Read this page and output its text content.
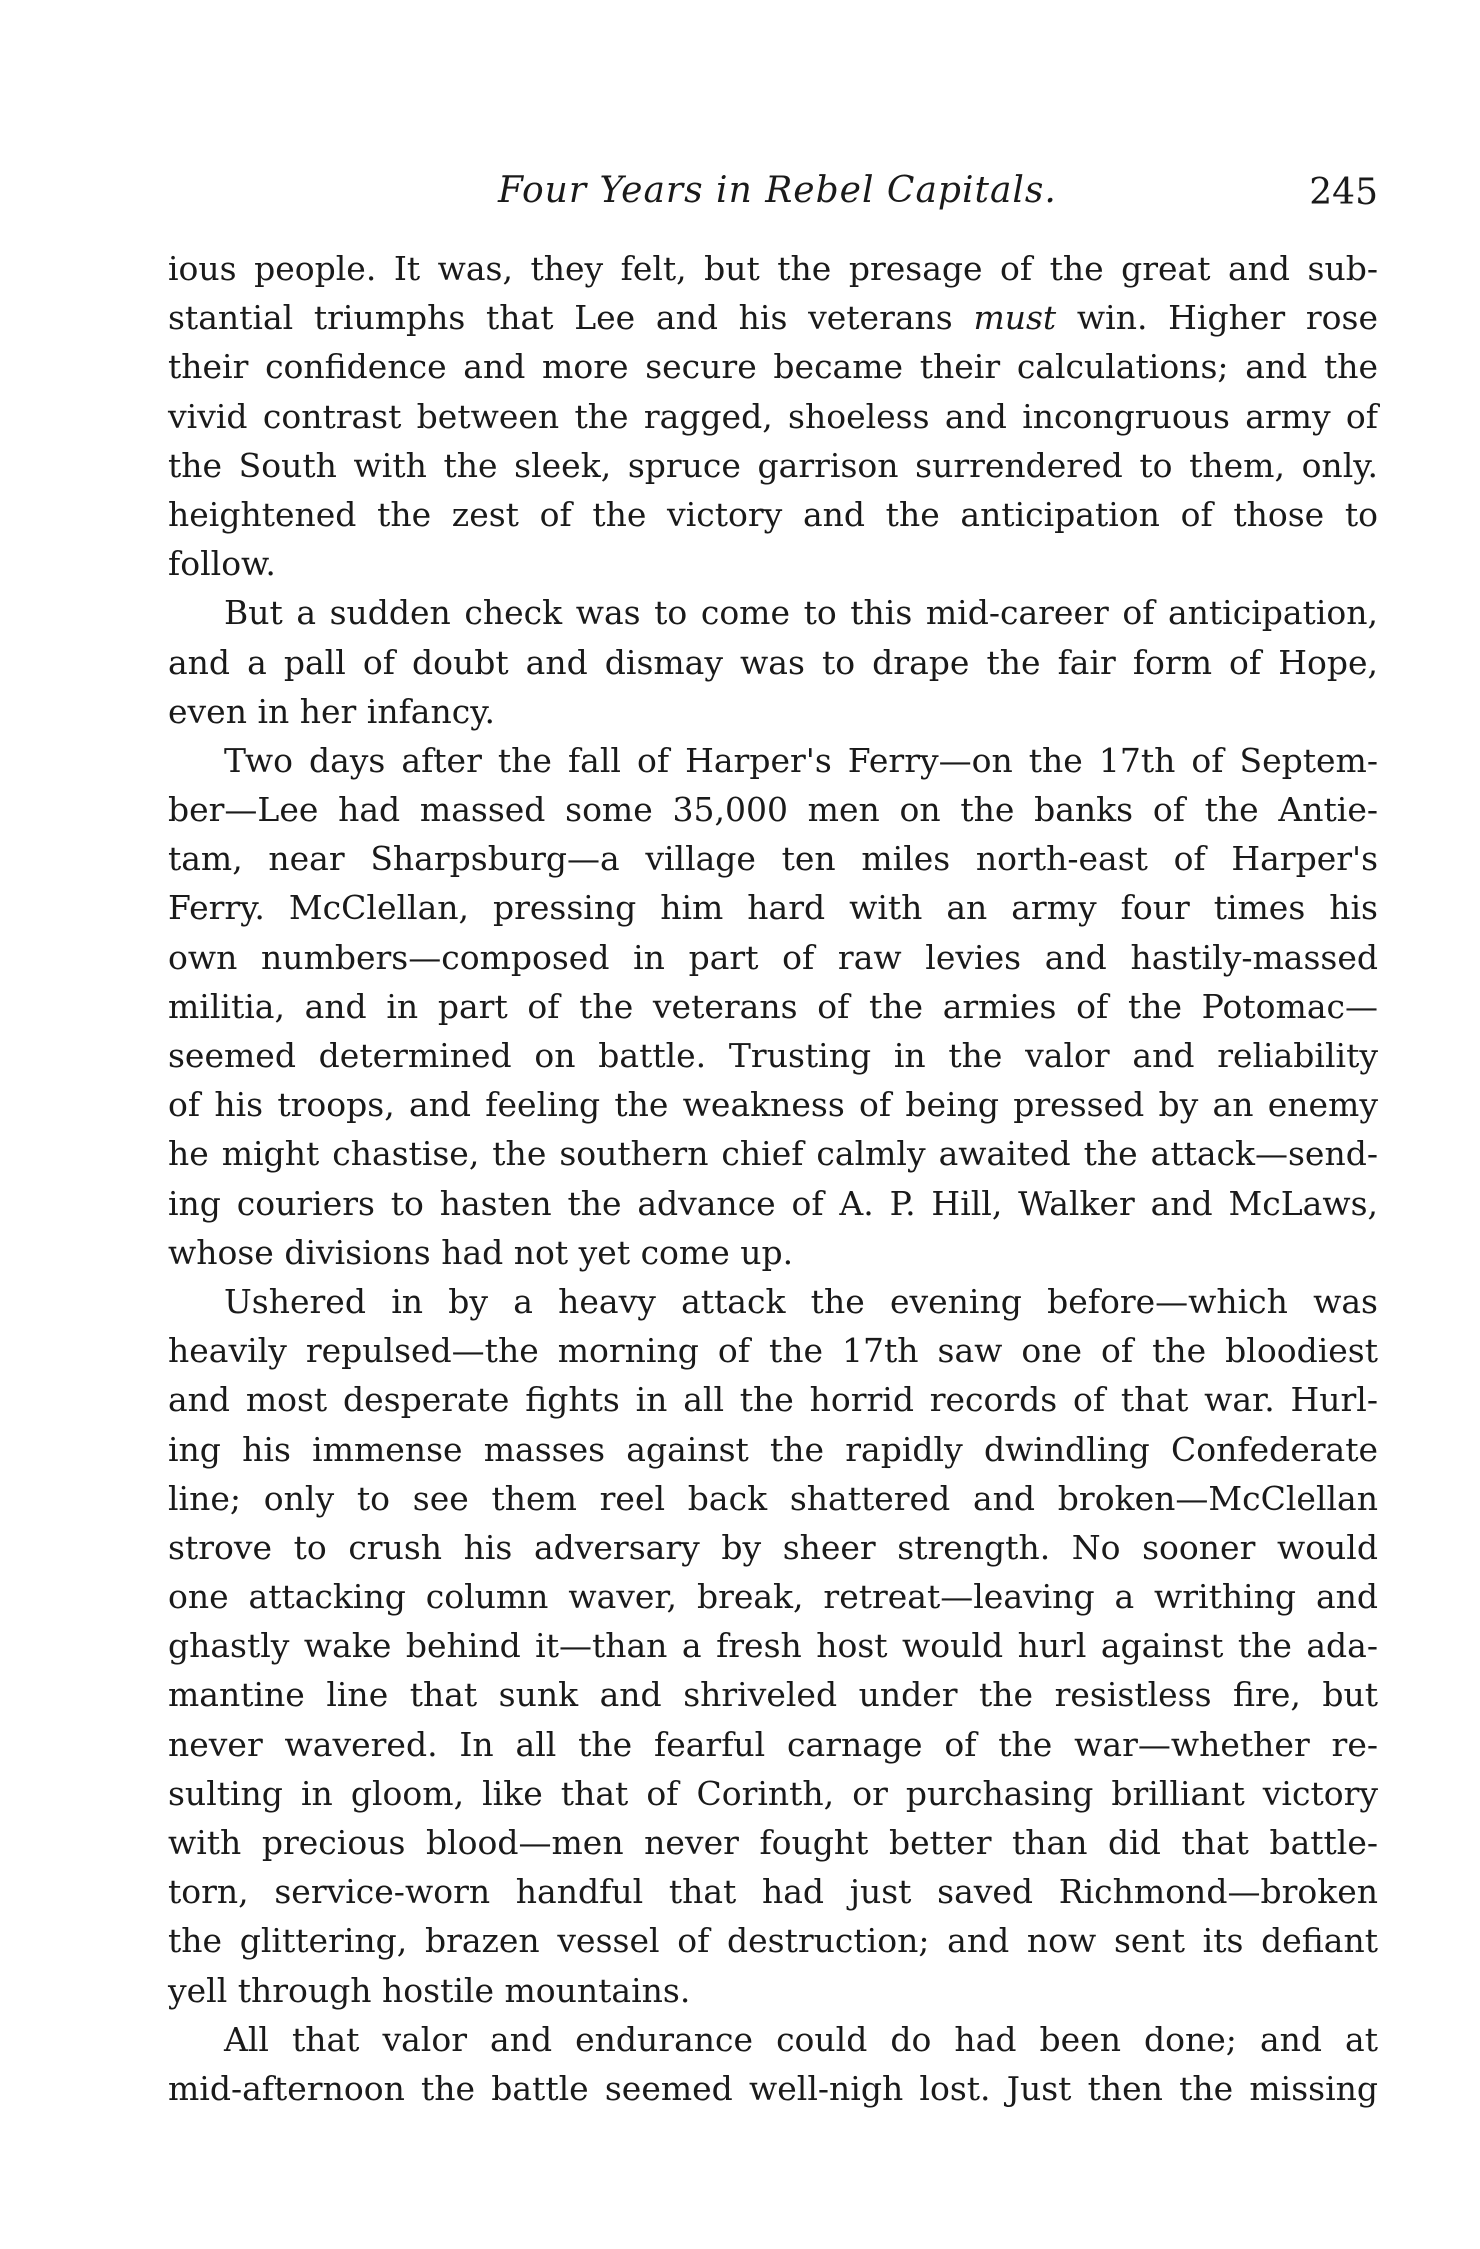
Four Years in Rebel Capitals.	245
ious people. It was, they felt, but the presage of the great and sub-
stantial triumphs that Lee and his veterans must win. Higher rose
their confidence and more secure became their calculations; and the
vivid contrast between the ragged, shoeless and incongruous army of
the South with the sleek, spruce garrison surrendered to them, only.
heightened the zest of the victory and the anticipation of those to
follow.
But a sudden check was to come to this mid-career of anticipation,
and a pall of doubt and dismay was to drape the fair form of Hope,
even in her infancy.
Two days after the fall of Harper's Ferry—on the 17th of Septem-
ber—Lee had massed some 35,000 men on the banks of the Antie-
tam, near Sharpsburg—a village ten miles north-east of Harper's
Ferry. McClellan, pressing him hard with an army four times his
own numbers—composed in part of raw levies and hastily-massed
militia, and in part of the veterans of the armies of the Potomac—
seemed determined on battle. Trusting in the valor and reliability
of his troops, and feeling the weakness of being pressed by an enemy
he might chastise, the southern chief calmly awaited the attack—send-
ing couriers to hasten the advance of A. P. Hill, Walker and McLaws,
whose divisions had not yet come up.
Ushered in by a heavy attack the evening before—which was
heavily repulsed—the morning of the 17th saw one of the bloodiest
and most desperate fights in all the horrid records of that war. Hurl-
ing his immense masses against the rapidly dwindling Confederate
line; only to see them reel back shattered and broken—McClellan
strove to crush his adversary by sheer strength. No sooner would
one attacking column waver, break, retreat—leaving a writhing and
ghastly wake behind it—than a fresh host would hurl against the ada-
mantine line that sunk and shriveled under the resistless fire, but
never wavered. In all the fearful carnage of the war—whether re-
sulting in gloom, like that of Corinth, or purchasing brilliant victory
with precious blood—men never fought better than did that battle-
torn, service-worn handful that had just saved Richmond—broken
the glittering, brazen vessel of destruction; and now sent its defiant
yell through hostile mountains.
All that valor and endurance could do had been done; and at
mid-afternoon the battle seemed well-nigh lost. Just then the missing
